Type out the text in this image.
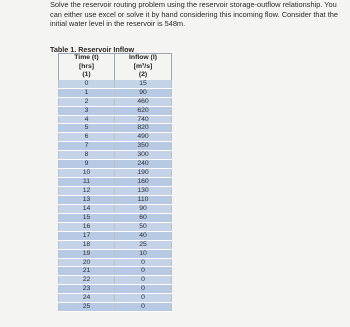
Solve the reservoir routing problem using the reservoir storage-outflow relationship. You can either use excel or solve it by hand considering this incoming flow. Consider that the initial water level in the reservoir is 548m.

Table 1. Reservoir Inflow
Time (t)	Inflow (I)
[hrs]	[m³/s]
(1)	(2)
0	15
1	90
2	460
3	620
4	740
5	820
6	490
7	350
8	300
9	240
10	190
11	160
12	130
13	110
14	90
15	60
16	50
17	40
18	25
19	10
20	0
21	0
22	0
23	0
24	0
25	0
